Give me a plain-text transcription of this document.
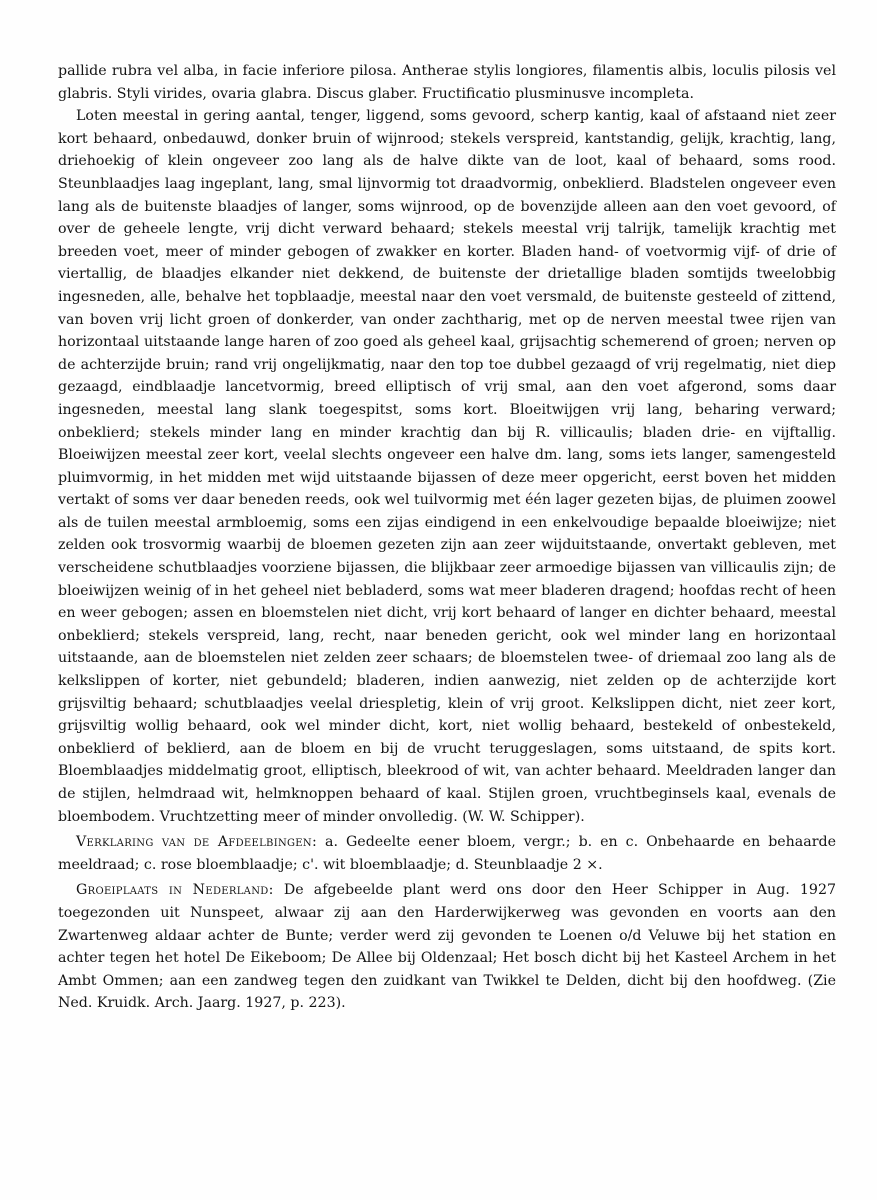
pallide rubra vel alba, in facie inferiore pilosa. Antherae stylis longiores, filamentis albis, loculis pilosis vel glabris. Styli virides, ovaria glabra. Discus glaber. Fructificatio plusminusve incompleta.

Loten meestal in gering aantal, tenger, liggend, soms gevoord, scherp kantig, kaal of afstaand niet zeer kort behaard, onbedauwd, donker bruin of wijnrood; stekels verspreid, kantstandig, gelijk, krachtig, lang, driehoekig of klein ongeveer zoo lang als de halve dikte van de loot, kaal of behaard, soms rood. Steunblaadjes laag ingeplant, lang, smal lijnvormig tot draadvormig, onbeklierd. Bladstelen ongeveer even lang als de buitenste blaadjes of langer, soms wijnrood, op de bovenzijde alleen aan den voet gevoord, of over de geheele lengte, vrij dicht verward behaard; stekels meestal vrij talrijk, tamelijk krachtig met breeden voet, meer of minder gebogen of zwakker en korter. Bladen hand- of voetvormig vijf- of drie of viertallig, de blaadjes elkander niet dekkend, de buitenste der drietallige bladen somtijds tweelobbig ingesneden, alle, behalve het topblaadje, meestal naar den voet versmald, de buitenste gesteeld of zittend, van boven vrij licht groen of donkerder, van onder zachtharig, met op de nerven meestal twee rijen van horizontaal uitstaande lange haren of zoo goed als geheel kaal, grijsachtig schemerend of groen; nerven op de achterzijde bruin; rand vrij ongelijkmatig, naar den top toe dubbel gezaagd of vrij regelmatig, niet diep gezaagd, eindblaadje lancetvormig, breed elliptisch of vrij smal, aan den voet afgerond, soms daar ingesneden, meestal lang slank toegespitst, soms kort. Bloeitwijgen vrij lang, beharing verward; onbeklierd; stekels minder lang en minder krachtig dan bij R. villicaulis; bladen drie- en vijftallig. Bloeiwijzen meestal zeer kort, veelal slechts ongeveer een halve dm. lang, soms iets langer, samengesteld pluimvormig, in het midden met wijd uitstaande bijassen of deze meer opgericht, eerst boven het midden vertakt of soms ver daar beneden reeds, ook wel tuilvormig met één lager gezeten bijas, de pluimen zoowel als de tuilen meestal armbloemig, soms een zijas eindigend in een enkelvoudige bepaalde bloeiwijze; niet zelden ook trosvormig waarbij de bloemen gezeten zijn aan zeer wijduitstaande, onvertakt gebleven, met verscheidene schutblaadjes voorziene bijassen, die blijkbaar zeer armoedige bijassen van villicaulis zijn; de bloeiwijzen weinig of in het geheel niet bebladerd, soms wat meer bladeren dragend; hoofdas recht of heen en weer gebogen; assen en bloemstelen niet dicht, vrij kort behaard of langer en dichter behaard, meestal onbeklierd; stekels verspreid, lang, recht, naar beneden gericht, ook wel minder lang en horizontaal uitstaande, aan de bloemstelen niet zelden zeer schaars; de bloemstelen twee- of driemaal zoo lang als de kelkslippen of korter, niet gebundeld; bladeren, indien aanwezig, niet zelden op de achterzijde kort grijsviltig behaard; schutblaadjes veelal driespletig, klein of vrij groot. Kelkslippen dicht, niet zeer kort, grijsviltig wollig behaard, ook wel minder dicht, kort, niet wollig behaard, bestekeld of onbestekeld, onbeklierd of beklierd, aan de bloem en bij de vrucht teruggeslagen, soms uitstaand, de spits kort. Bloemblaadjes middelmatig groot, elliptisch, bleekrood of wit, van achter behaard. Meeldraden langer dan de stijlen, helmdraad wit, helmknoppen behaard of kaal. Stijlen groen, vruchtbeginsels kaal, evenals de bloembodem. Vruchtzetting meer of minder onvolledig. (W. W. Schipper).

Verklaring van de Afdeelbingen: a. Gedeelte eener bloem, vergr.; b. en c. Onbehaarde en behaarde meeldraad; c. rose bloemblaadje; c'. wit bloemblaadje; d. Steunblaadje 2 ×.

Groeiplaats in Nederland: De afgebeelde plant werd ons door den Heer Schipper in Aug. 1927 toegezonden uit Nunspeet, alwaar zij aan den Harderwijkerweg was gevonden en voorts aan den Zwartenweg aldaar achter de Bunte; verder werd zij gevonden te Loenen o/d Veluwe bij het station en achter tegen het hotel De Eikeboom; De Allee bij Oldenzaal; Het bosch dicht bij het Kasteel Archem in het Ambt Ommen; aan een zandweg tegen den zuidkant van Twikkel te Delden, dicht bij den hoofdweg. (Zie Ned. Kruidk. Arch. Jaarg. 1927, p. 223).
